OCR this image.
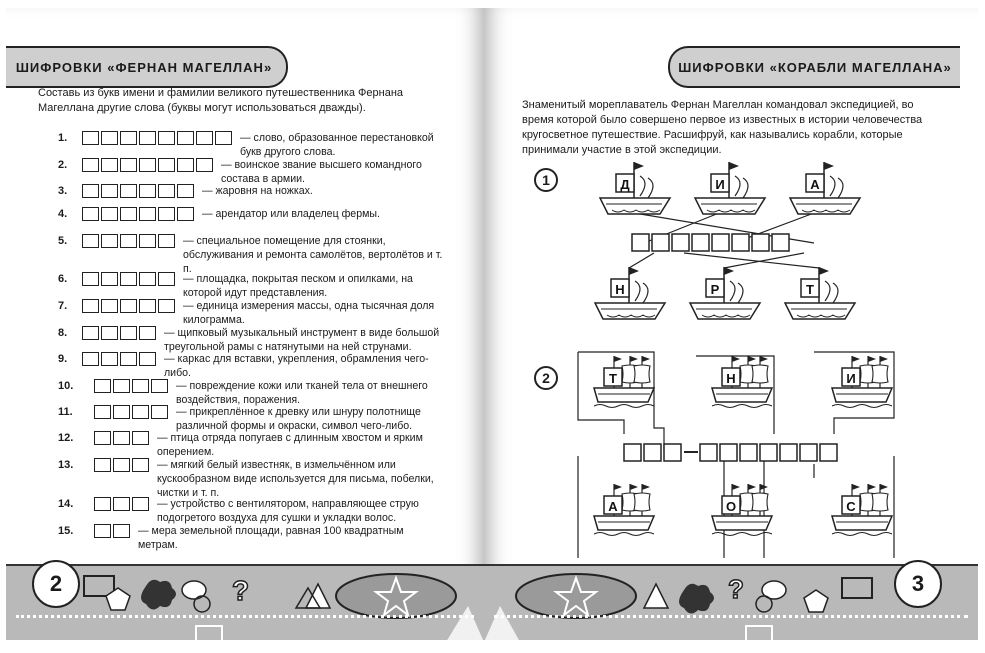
ШИФРОВКИ «ФЕРНАН МАГЕЛЛАН»
Составь из букв имени и фамилии великого путешественника Фернана Магеллана другие слова (буквы могут использоваться дважды).
1.	— слово, образованное перестановкой букв другого слова.
2.	— воинское звание высшего командного состава в армии.
3.	— жаровня на ножках.
4.	— арендатор или владелец фермы.
5.	— специальное помещение для стоянки, обслуживания и ремонта самолётов, вертолётов и т. п.
6.	— площадка, покрытая песком и опилками, на которой идут представления.
7.	— единица измерения массы, одна тысячная доля килограмма.
8.	— щипковый музыкальный инструмент в виде большой треугольной рамы с натянутыми на ней струнами.
9.	— каркас для вставки, укрепления, обрамления чего-либо.
10.	— повреждение кожи или тканей тела от внешнего воздействия, поражения.
11.	— прикреплённое к древку или шнуру полотнище различной формы и окраски, символ чего-либо.
12.	— птица отряда попугаев с длинным хвостом и ярким оперением.
13.	— мягкий белый известняк, в измельчённом или кускообразном виде используется для письма, побелки, чистки и т. п.
14.	— устройство с вентилятором, направляющее струю подогретого воздуха для сушки и укладки волос.
15.	— мера земельной площади, равная 100 квадратным метрам.
?
2
ШИФРОВКИ «КОРАБЛИ МАГЕЛЛАНА»
Знаменитый мореплаватель Фернан Магеллан командовал экспедицией, во время которой было совершено первое из известных в истории человечества кругосветное путешествие. Расшифруй, как назывались корабли, которые принимали участие в этой экспедиции.
1	Д	И	А
Н	Р	Т
2	Т	Н	И
А	О	С
?	3
